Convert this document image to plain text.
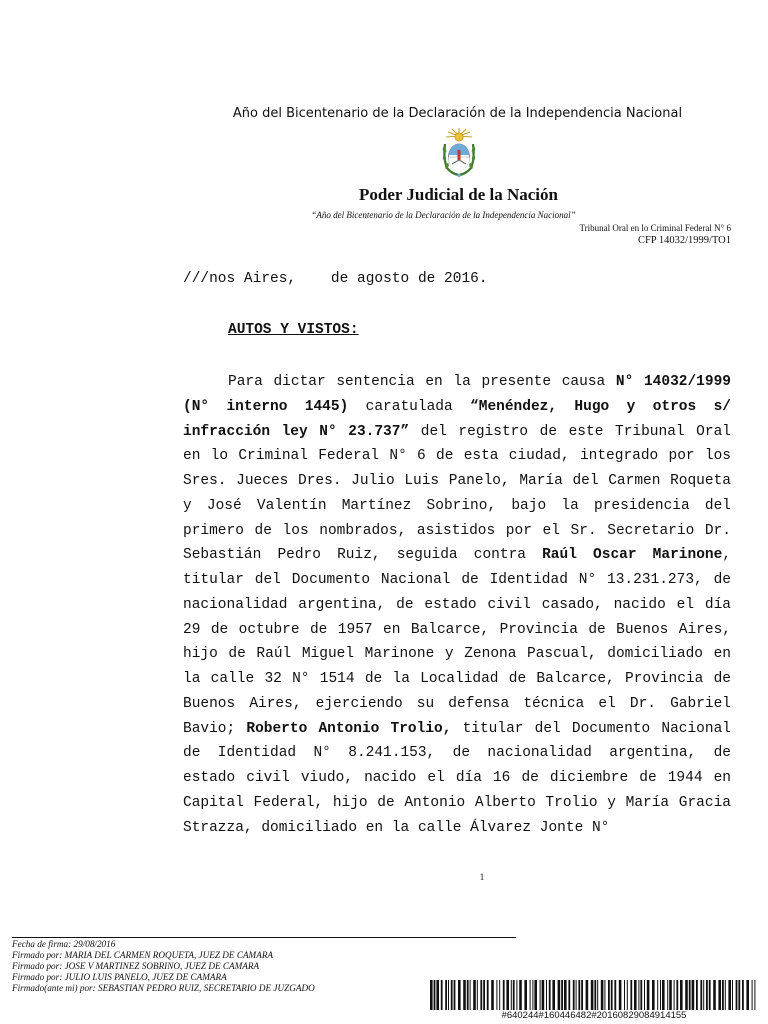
Año del Bicentenario de la Declaración de la Independencia Nacional
Poder Judicial de la Nación
“Año del Bicentenario de la Declaración de la Independencia Nacional”
Tribunal Oral en lo Criminal Federal N° 6
CFP 14032/1999/TO1
///nos Aires,    de agosto de 2016.
AUTOS Y VISTOS:
Para dictar sentencia en la presente causa N° 14032/1999 (N° interno 1445) caratulada “Menéndez, Hugo y otros s/ infracción ley N° 23.737” del registro de este Tribunal Oral en lo Criminal Federal N° 6 de esta ciudad, integrado por los Sres. Jueces Dres. Julio Luis Panelo, María del Carmen Roqueta y José Valentín Martínez Sobrino, bajo la presidencia del primero de los nombrados, asistidos por el Sr. Secretario Dr. Sebastián Pedro Ruiz, seguida contra Raúl Oscar Marinone, titular del Documento Nacional de Identidad N° 13.231.273, de nacionalidad argentina, de estado civil casado, nacido el día 29 de octubre de 1957 en Balcarce, Provincia de Buenos Aires, hijo de Raúl Miguel Marinone y Zenona Pascual, domiciliado en la calle 32 N° 1514 de la Localidad de Balcarce, Provincia de Buenos Aires, ejerciendo su defensa técnica el Dr. Gabriel Bavio; Roberto Antonio Trolio, titular del Documento Nacional de Identidad N° 8.241.153, de nacionalidad argentina, de estado civil viudo, nacido el día 16 de diciembre de 1944 en Capital Federal, hijo de Antonio Alberto Trolio y María Gracia Strazza, domiciliado en la calle Álvarez Jonte N°
1
Fecha de firma: 29/08/2016
Firmado por: MARIA DEL CARMEN ROQUETA, JUEZ DE CAMARA
Firmado por: JOSE V MARTINEZ SOBRINO, JUEZ DE CAMARA
Firmado por: JULIO LUIS PANELO, JUEZ DE CAMARA
Firmado(ante mi) por: SEBASTIAN PEDRO RUIZ, SECRETARIO DE JUZGADO
#640244#160446482#20160829084914155
